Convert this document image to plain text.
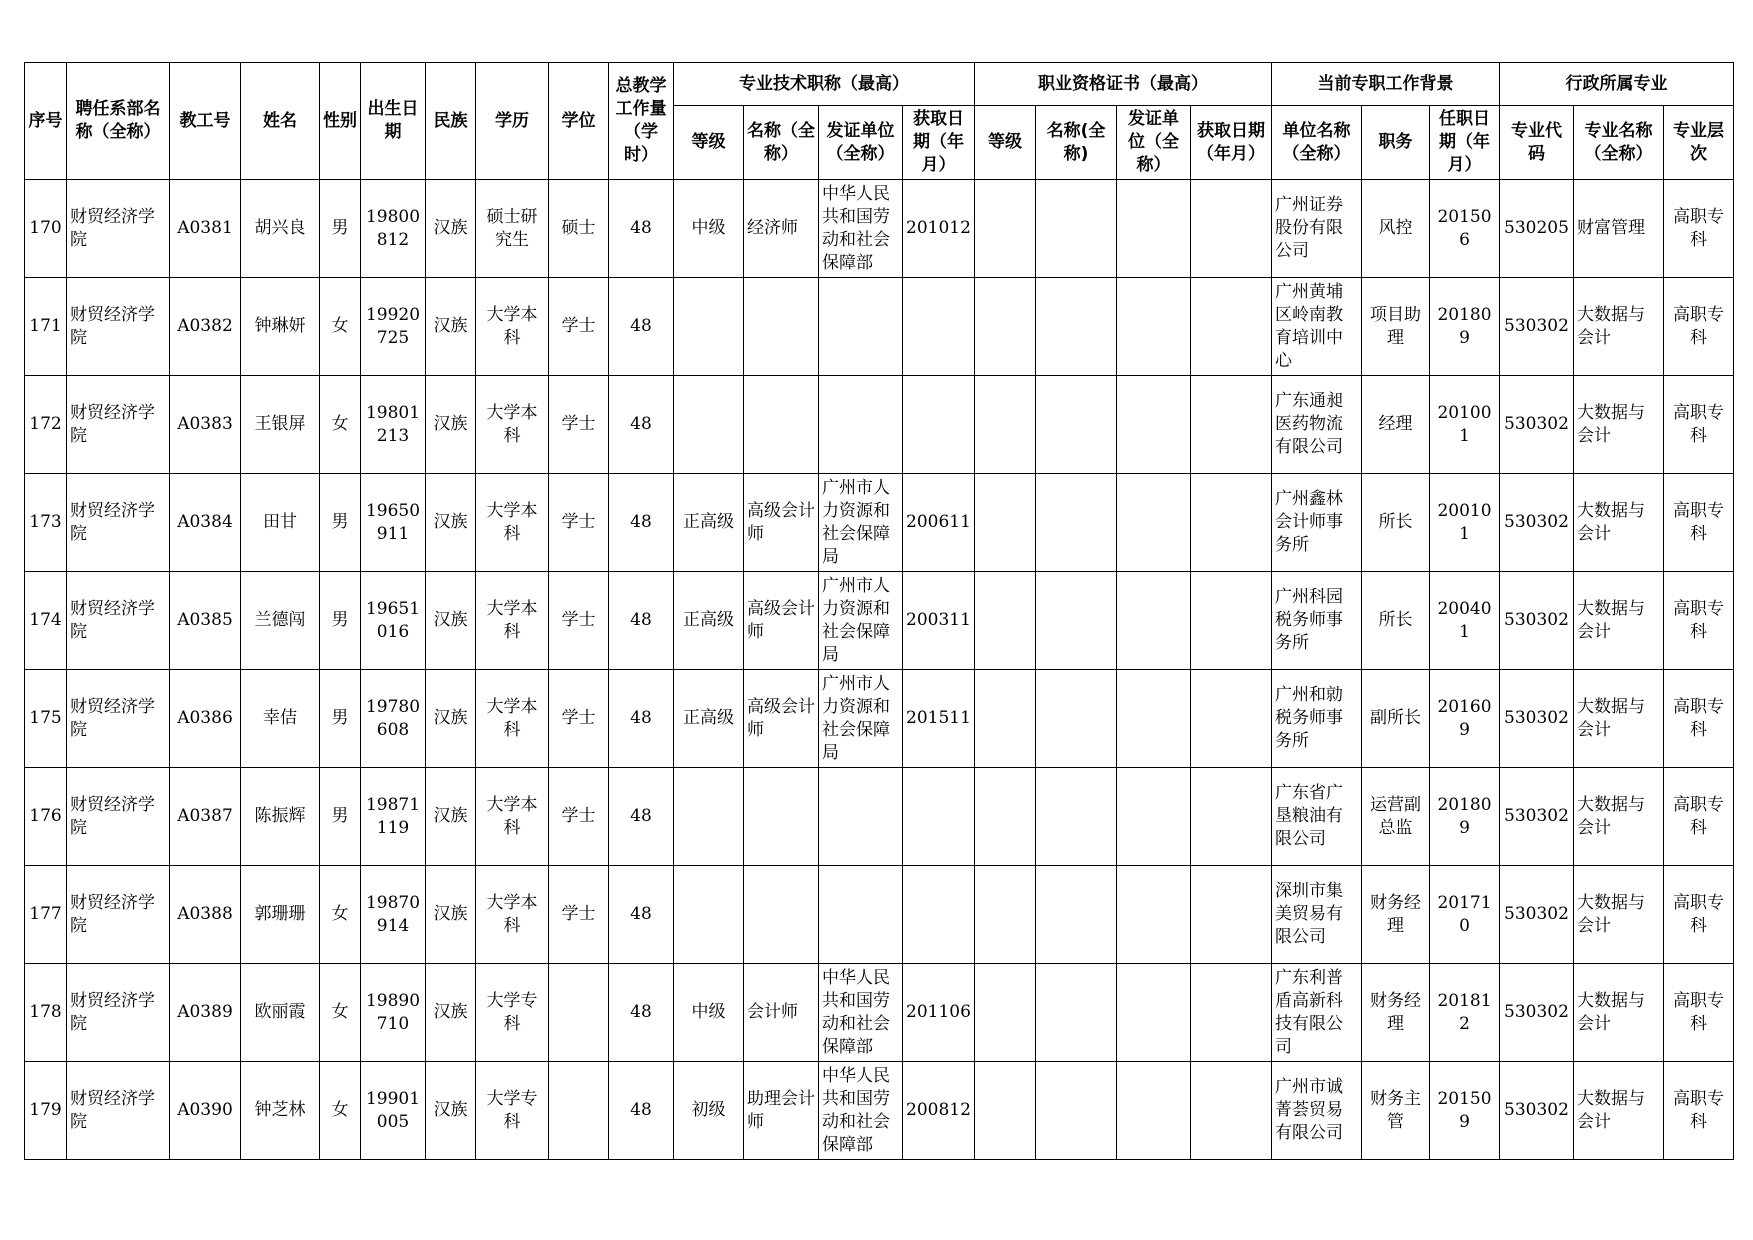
序号	聘任系部名称（全称）	教工号	姓名	性别	出生日期	民族	学历	学位	总教学工作量（学时）	专业技术职称（最高）				职业资格证书（最高）				当前专职工作背景			行政所属专业		
										等级	名称（全称）	发证单位（全称）	获取日期（年月）	等级	名称(全称)	发证单位（全称）	获取日期（年月）	单位名称（全称）	职务	任职日期（年月）	专业代码	专业名称（全称）	专业层次
170	财贸经济学院	A0381	胡兴良	男	19800812	汉族	硕士研究生	硕士	48	中级	经济师	中华人民共和国劳动和社会保障部	201012					广州证券股份有限公司	风控	201506	530205	财富管理	高职专科
171	财贸经济学院	A0382	钟琳妍	女	19920725	汉族	大学本科	学士	48									广州黄埔区岭南教育培训中心	项目助理	201809	530302	大数据与会计	高职专科
172	财贸经济学院	A0383	王银屏	女	19801213	汉族	大学本科	学士	48									广东通昶医药物流有限公司	经理	201001	530302	大数据与会计	高职专科
173	财贸经济学院	A0384	田甘	男	19650911	汉族	大学本科	学士	48	正高级	高级会计师	广州市人力资源和社会保障局	200611					广州鑫林会计师事务所	所长	200101	530302	大数据与会计	高职专科
174	财贸经济学院	A0385	兰德闯	男	19651016	汉族	大学本科	学士	48	正高级	高级会计师	广州市人力资源和社会保障局	200311					广州科园税务师事务所	所长	200401	530302	大数据与会计	高职专科
175	财贸经济学院	A0386	幸佶	男	19780608	汉族	大学本科	学士	48	正高级	高级会计师	广州市人力资源和社会保障局	201511					广州和勍税务师事务所	副所长	201609	530302	大数据与会计	高职专科
176	财贸经济学院	A0387	陈振辉	男	19871119	汉族	大学本科	学士	48									广东省广垦粮油有限公司	运营副总监	201809	530302	大数据与会计	高职专科
177	财贸经济学院	A0388	郭珊珊	女	19870914	汉族	大学本科	学士	48									深圳市集美贸易有限公司	财务经理	201710	530302	大数据与会计	高职专科
178	财贸经济学院	A0389	欧丽霞	女	19890710	汉族	大学专科		48	中级	会计师	中华人民共和国劳动和社会保障部	201106					广东利普盾高新科技有限公司	财务经理	201812	530302	大数据与会计	高职专科
179	财贸经济学院	A0390	钟芝林	女	19901005	汉族	大学专科		48	初级	助理会计师	中华人民共和国劳动和社会保障部	200812					广州市诚菁荟贸易有限公司	财务主管	201509	530302	大数据与会计	高职专科
